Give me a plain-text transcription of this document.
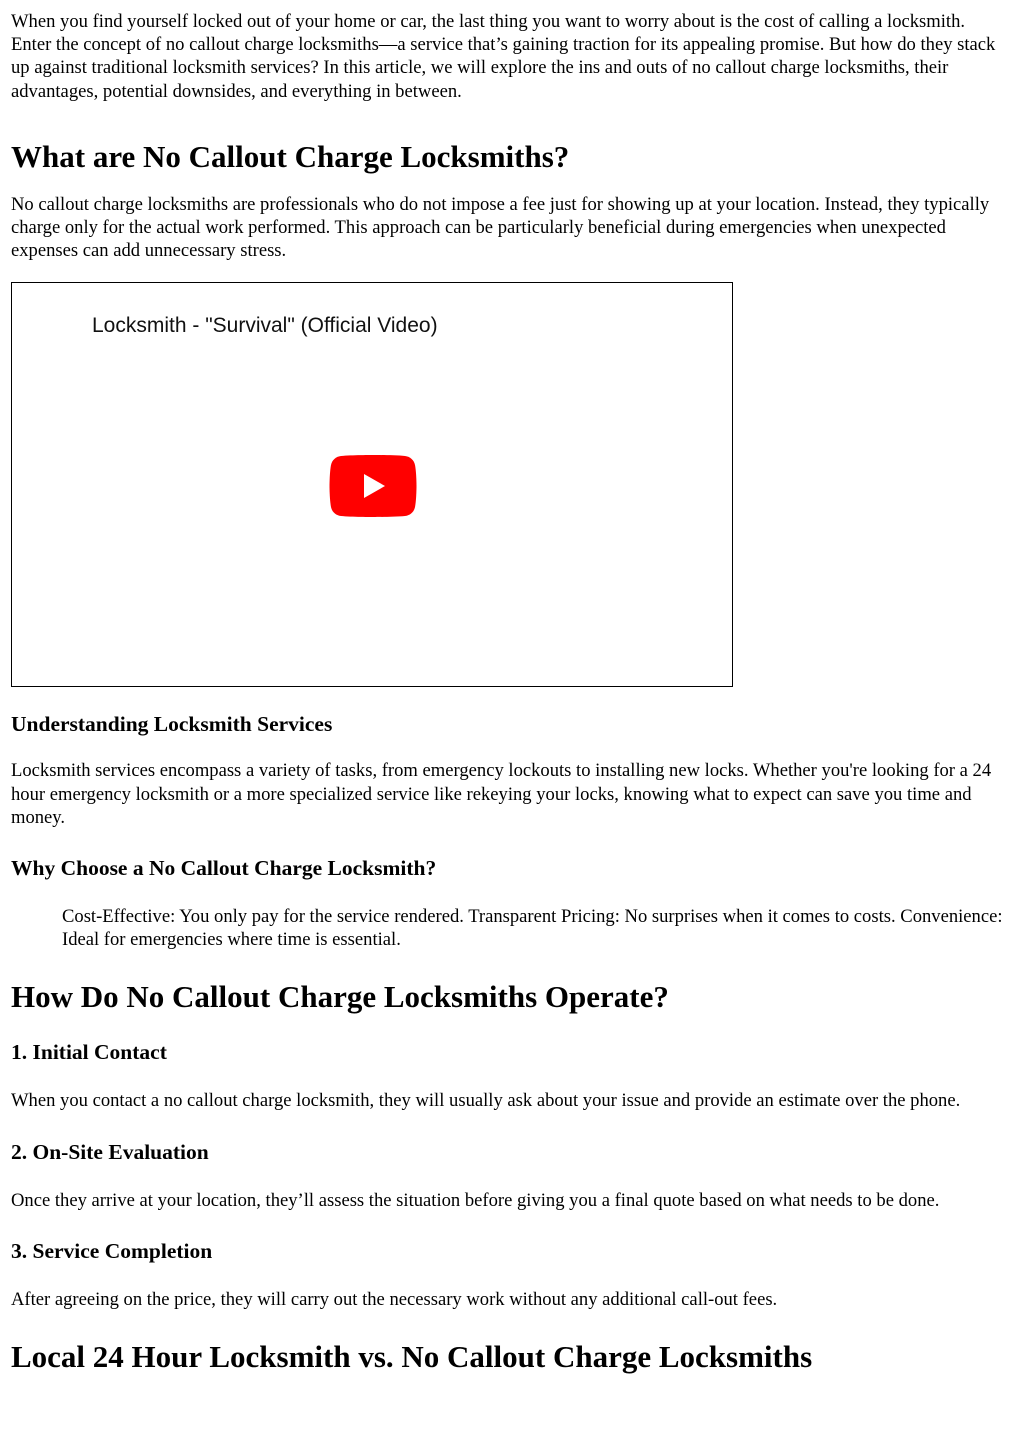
When you find yourself locked out of your home or car, the last thing you want to worry about is the cost of calling a locksmith. Enter the concept of no callout charge locksmiths—a service that’s gaining traction for its appealing promise. But how do they stack up against traditional locksmith services? In this article, we will explore the ins and outs of no callout charge locksmiths, their advantages, potential downsides, and everything in between.

What are No Callout Charge Locksmiths?

No callout charge locksmiths are professionals who do not impose a fee just for showing up at your location. Instead, they typically charge only for the actual work performed. This approach can be particularly beneficial during emergencies when unexpected expenses can add unnecessary stress.

Locksmith - "Survival" (Official Video)
Understanding Locksmith Services

Locksmith services encompass a variety of tasks, from emergency lockouts to installing new locks. Whether you're looking for a 24 hour emergency locksmith or a more specialized service like rekeying your locks, knowing what to expect can save you time and money.

Why Choose a No Callout Charge Locksmith?

Cost-Effective: You only pay for the service rendered. Transparent Pricing: No surprises when it comes to costs. Convenience: Ideal for emergencies where time is essential.

How Do No Callout Charge Locksmiths Operate?
1. Initial Contact

When you contact a no callout charge locksmith, they will usually ask about your issue and provide an estimate over the phone.

2. On-Site Evaluation

Once they arrive at your location, they’ll assess the situation before giving you a final quote based on what needs to be done.

3. Service Completion

After agreeing on the price, they will carry out the necessary work without any additional call-out fees.

Local 24 Hour Locksmith vs. No Callout Charge Locksmiths
